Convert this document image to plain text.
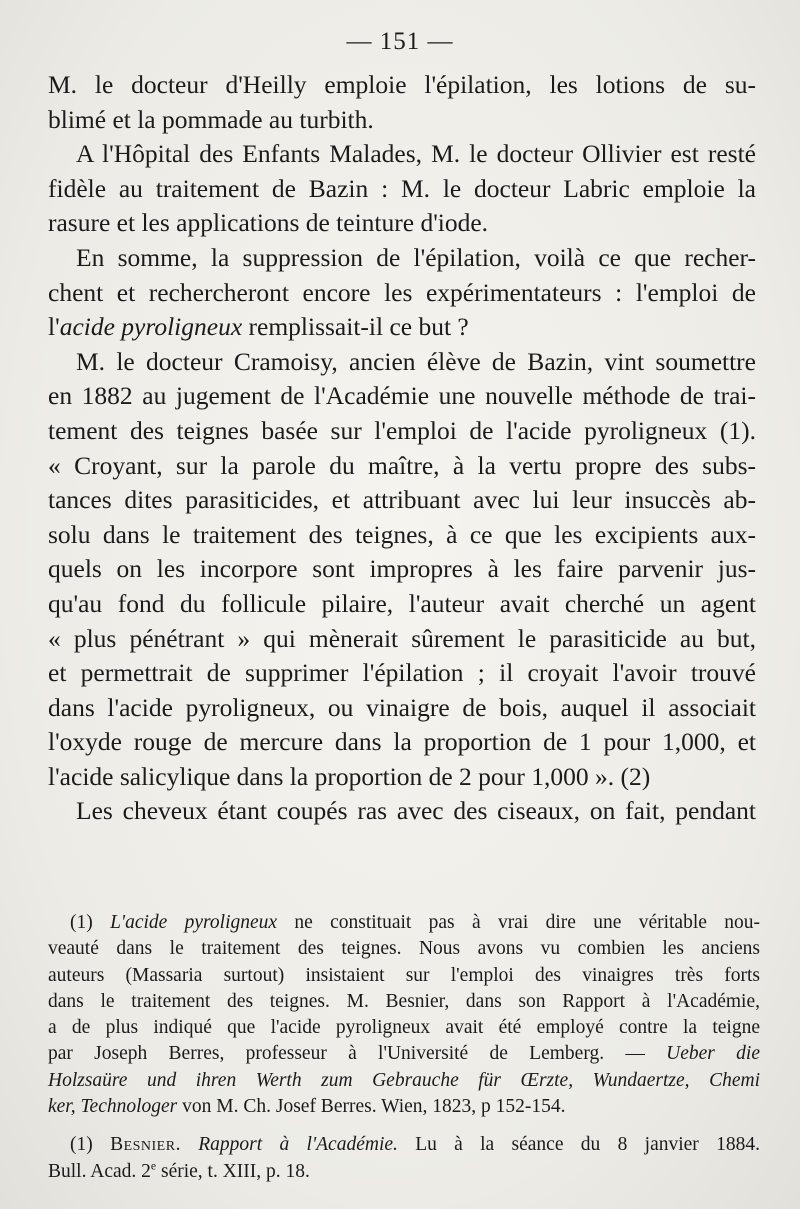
— 151 —
M. le docteur d'Heilly emploie l'épilation, les lotions de su-
blimé et la pommade au turbith.
A l'Hôpital des Enfants Malades, M. le docteur Ollivier est resté
fidèle au traitement de Bazin : M. le docteur Labric emploie la
rasure et les applications de teinture d'iode.
En somme, la suppression de l'épilation, voilà ce que recher-
chent et rechercheront encore les expérimentateurs : l'emploi de
l'acide pyroligneux remplissait-il ce but ?
M. le docteur Cramoisy, ancien élève de Bazin, vint soumettre
en 1882 au jugement de l'Académie une nouvelle méthode de trai-
tement des teignes basée sur l'emploi de l'acide pyroligneux (1).
« Croyant, sur la parole du maître, à la vertu propre des subs-
tances dites parasiticides, et attribuant avec lui leur insuccès ab-
solu dans le traitement des teignes, à ce que les excipients aux-
quels on les incorpore sont impropres à les faire parvenir jus-
qu'au fond du follicule pilaire, l'auteur avait cherché un agent
« plus pénétrant » qui mènerait sûrement le parasiticide au but,
et permettrait de supprimer l'épilation ; il croyait l'avoir trouvé
dans l'acide pyroligneux, ou vinaigre de bois, auquel il associait
l'oxyde rouge de mercure dans la proportion de 1 pour 1,000, et
l'acide salicylique dans la proportion de 2 pour 1,000 ». (2)
Les cheveux étant coupés ras avec des ciseaux, on fait, pendant
(1) L'acide pyroligneux ne constituait pas à vrai dire une véritable nou-
veauté dans le traitement des teignes. Nous avons vu combien les anciens
auteurs (Massaria surtout) insistaient sur l'emploi des vinaigres très forts
dans le traitement des teignes. M. Besnier, dans son Rapport à l'Académie,
a de plus indiqué que l'acide pyroligneux avait été employé contre la teigne
par Joseph Berres, professeur à l'Université de Lemberg. — Ueber die
Holzsaüre und ihren Werth zum Gebrauche für Œrzte, Wundaertze, Chemi
ker, Technologer von M. Ch. Josef Berres. Wien, 1823, p 152-154.
(1) Besnier. Rapport à l'Académie. Lu à la séance du 8 janvier 1884.
Bull. Acad. 2e série, t. XIII, p. 18.
